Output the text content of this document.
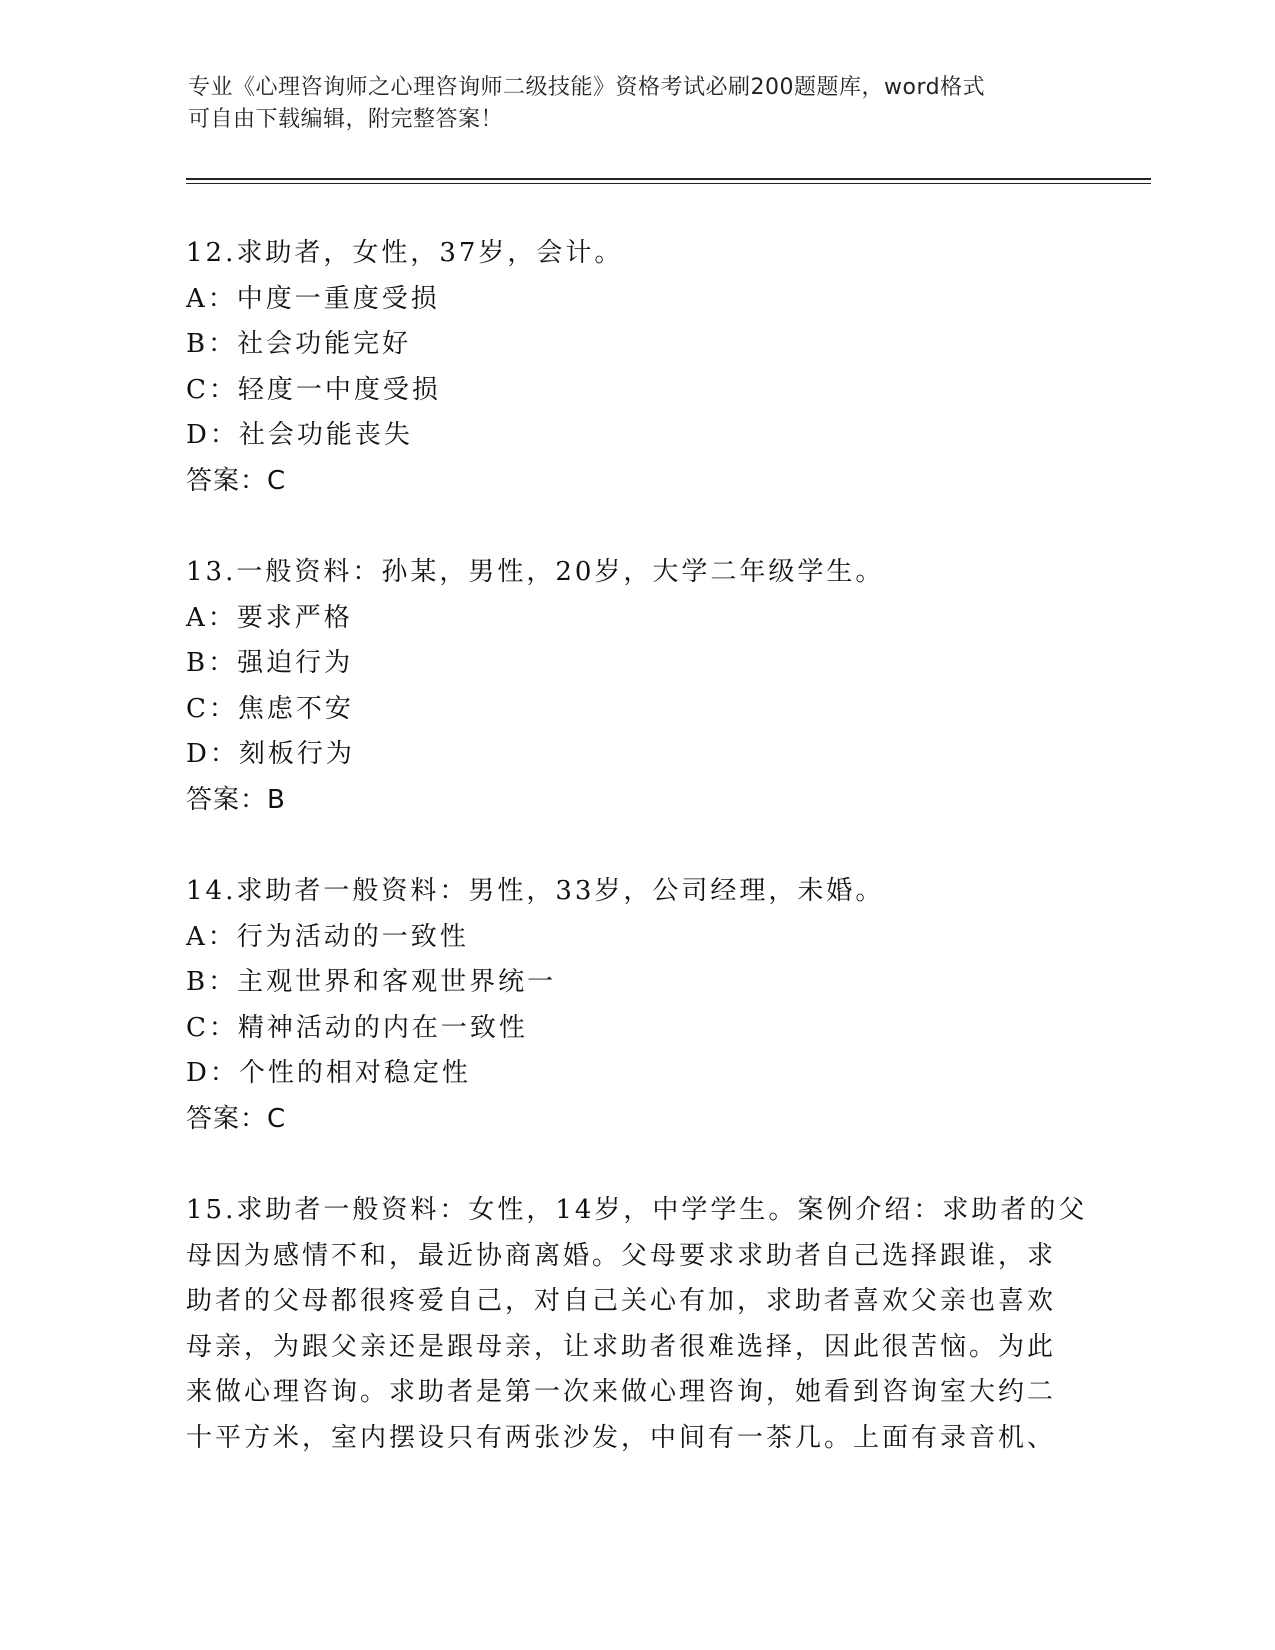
专业《心理咨询师之心理咨询师二级技能》资格考试必刷200题题库，word格式
可自由下载编辑，附完整答案！
12.求助者，女性，37岁，会计。
A：中度一重度受损
B：社会功能完好
C：轻度一中度受损
D：社会功能丧失
答案：C
13.一般资料：孙某，男性，20岁，大学二年级学生。
A：要求严格
B：强迫行为
C：焦虑不安
D：刻板行为
答案：B
14.求助者一般资料：男性，33岁，公司经理，未婚。
A：行为活动的一致性
B：主观世界和客观世界统一
C：精神活动的内在一致性
D：个性的相对稳定性
答案：C
15.求助者一般资料：女性，14岁，中学学生。案例介绍：求助者的父
母因为感情不和，最近协商离婚。父母要求求助者自己选择跟谁，求
助者的父母都很疼爱自己，对自己关心有加，求助者喜欢父亲也喜欢
母亲，为跟父亲还是跟母亲，让求助者很难选择，因此很苦恼。为此
来做心理咨询。求助者是第一次来做心理咨询，她看到咨询室大约二
十平方米，室内摆设只有两张沙发，中间有一茶几。上面有录音机、
